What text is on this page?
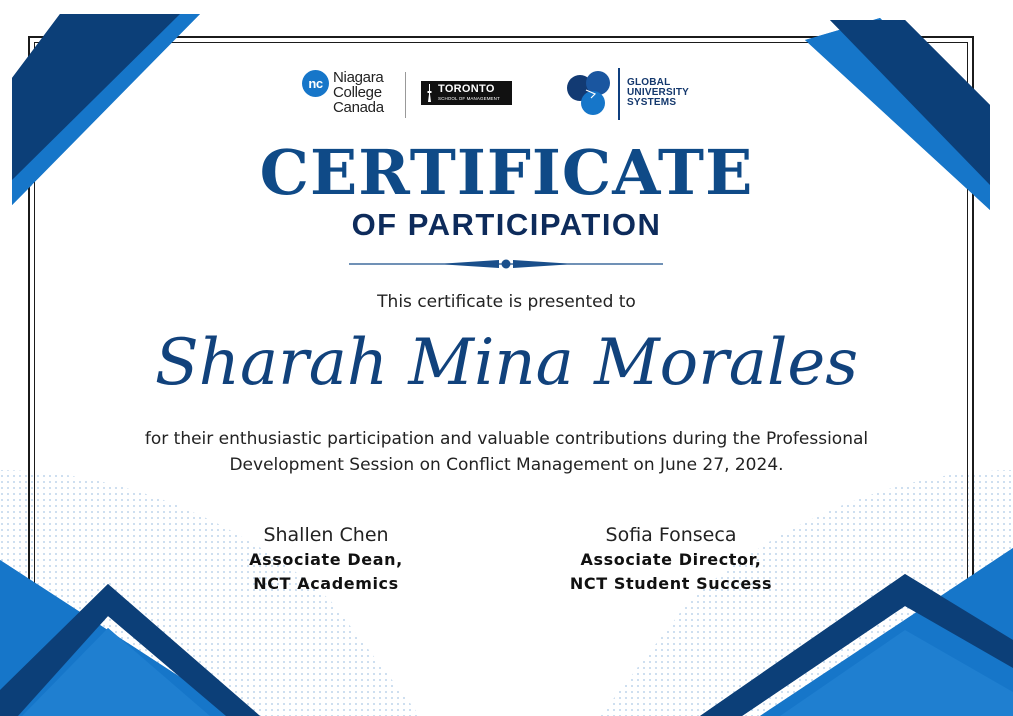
nc Niagara
College
Canada
TORONTO
SCHOOL OF MANAGEMENT
GLOBAL
UNIVERSITY
SYSTEMS
CERTIFICATE
OF PARTICIPATION
This certificate is presented to
Sharah Mina Morales
for their enthusiastic participation and valuable contributions during the Professional
Development Session on Conflict Management on June 27, 2024.
Shallen Chen
Associate Dean,
NCT Academics
Sofia Fonseca
Associate Director,
NCT Student Success
